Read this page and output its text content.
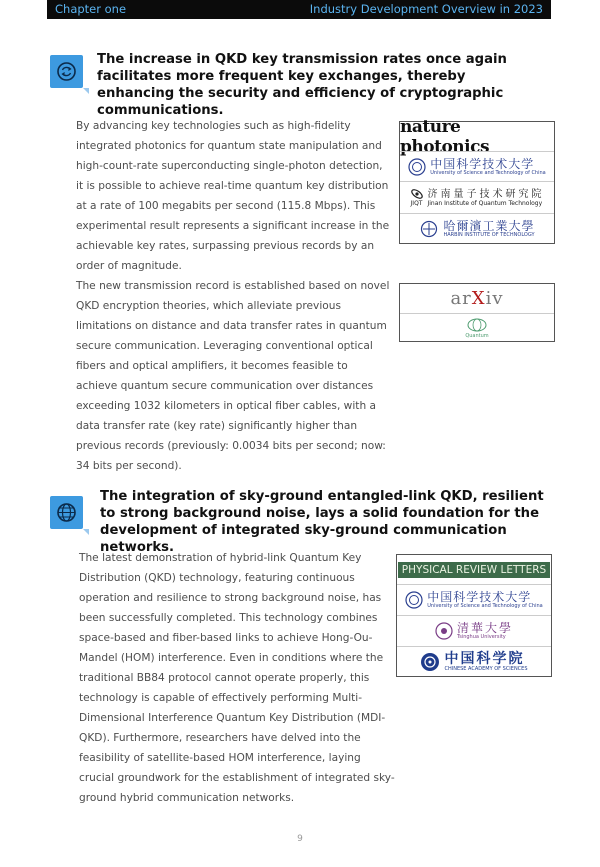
Chapter one	Industry Development Overview in 2023
The increase in QKD key transmission rates once again facilitates more frequent key exchanges, thereby enhancing the security and efficiency of cryptographic communications.
By advancing key technologies such as high-fidelity integrated photonics for quantum state manipulation and high-count-rate superconducting single-photon detection, it is possible to achieve real-time quantum key distribution at a rate of 100 megabits per second (115.8 Mbps). This experimental result represents a significant increase in the achievable key rates, surpassing previous records by an order of magnitude.
The new transmission record is established based on novel QKD encryption theories, which alleviate previous limitations on distance and data transfer rates in quantum secure communication. Leveraging conventional optical fibers and optical amplifiers, it becomes feasible to achieve quantum secure communication over distances exceeding 1032 kilometers in optical fiber cables, with a data transfer rate (key rate) significantly higher than previous records (previously: 0.0034 bits per second; now: 34 bits per second).
nature photonics
中国科学技术大学
University of Science and Technology of China
JIQT
济南量子技术研究院
Jinan Institute of Quantum Technology
哈爾濱工業大學
HARBIN INSTITUTE OF TECHNOLOGY
arXiv
Quantum
The integration of sky-ground entangled-link QKD, resilient to strong background noise, lays a solid foundation for the development of integrated sky-ground communication networks.
The latest demonstration of hybrid-link Quantum Key Distribution (QKD) technology, featuring continuous operation and resilience to strong background noise, has been successfully completed. This technology combines space-based and fiber-based links to achieve Hong-Ou-Mandel (HOM) interference. Even in conditions where the traditional BB84 protocol cannot operate properly, this technology is capable of effectively performing Multi-Dimensional Interference Quantum Key Distribution (MDI-QKD). Furthermore, researchers have delved into the feasibility of satellite-based HOM interference, laying crucial groundwork for the establishment of integrated sky-ground hybrid communication networks.
PHYSICAL REVIEW LETTERS
中国科学技术大学
University of Science and Technology of China
清華大學
Tsinghua University
中国科学院
CHINESE ACADEMY OF SCIENCES
9
